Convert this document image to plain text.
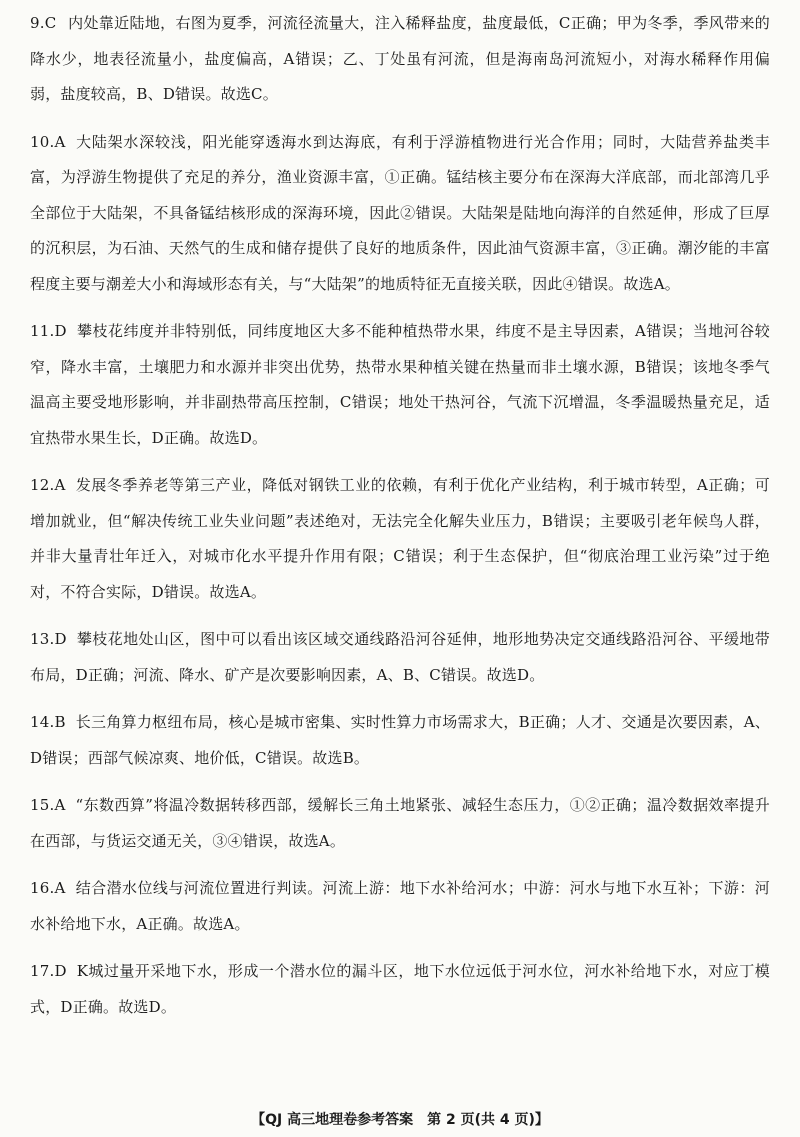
9.C 内处靠近陆地，右图为夏季，河流径流量大，注入稀释盐度，盐度最低，C正确；甲为冬季，季风带来的降水少，地表径流量小，盐度偏高，A错误；乙、丁处虽有河流，但是海南岛河流短小，对海水稀释作用偏弱，盐度较高，B、D错误。故选C。

10.A 大陆架水深较浅，阳光能穿透海水到达海底，有利于浮游植物进行光合作用；同时，大陆营养盐类丰富，为浮游生物提供了充足的养分，渔业资源丰富，①正确。锰结核主要分布在深海大洋底部，而北部湾几乎全部位于大陆架，不具备锰结核形成的深海环境，因此②错误。大陆架是陆地向海洋的自然延伸，形成了巨厚的沉积层，为石油、天然气的生成和储存提供了良好的地质条件，因此油气资源丰富，③正确。潮汐能的丰富程度主要与潮差大小和海域形态有关，与“大陆架”的地质特征无直接关联，因此④错误。故选A。

11.D 攀枝花纬度并非特别低，同纬度地区大多不能种植热带水果，纬度不是主导因素，A错误；当地河谷较窄，降水丰富，土壤肥力和水源并非突出优势，热带水果种植关键在热量而非土壤水源，B错误；该地冬季气温高主要受地形影响，并非副热带高压控制，C错误；地处干热河谷，气流下沉增温，冬季温暖热量充足，适宜热带水果生长，D正确。故选D。

12.A 发展冬季养老等第三产业，降低对钢铁工业的依赖，有利于优化产业结构，利于城市转型，A正确；可增加就业，但“解决传统工业失业问题”表述绝对，无法完全化解失业压力，B错误；主要吸引老年候鸟人群，并非大量青壮年迁入，对城市化水平提升作用有限；C错误；利于生态保护，但“彻底治理工业污染”过于绝对，不符合实际，D错误。故选A。

13.D 攀枝花地处山区，图中可以看出该区域交通线路沿河谷延伸，地形地势决定交通线路沿河谷、平缓地带布局，D正确；河流、降水、矿产是次要影响因素，A、B、C错误。故选D。

14.B 长三角算力枢纽布局，核心是城市密集、实时性算力市场需求大，B正确；人才、交通是次要因素，A、D错误；西部气候凉爽、地价低，C错误。故选B。

15.A “东数西算”将温冷数据转移西部，缓解长三角土地紧张、减轻生态压力，①②正确；温冷数据效率提升在西部，与货运交通无关，③④错误，故选A。

16.A 结合潜水位线与河流位置进行判读。河流上游：地下水补给河水；中游：河水与地下水互补；下游：河水补给地下水，A正确。故选A。

17.D K城过量开采地下水，形成一个潜水位的漏斗区，地下水位远低于河水位，河水补给地下水，对应丁模式，D正确。故选D。

【QJ 高三地理卷参考答案　第 2 页(共 4 页)】
